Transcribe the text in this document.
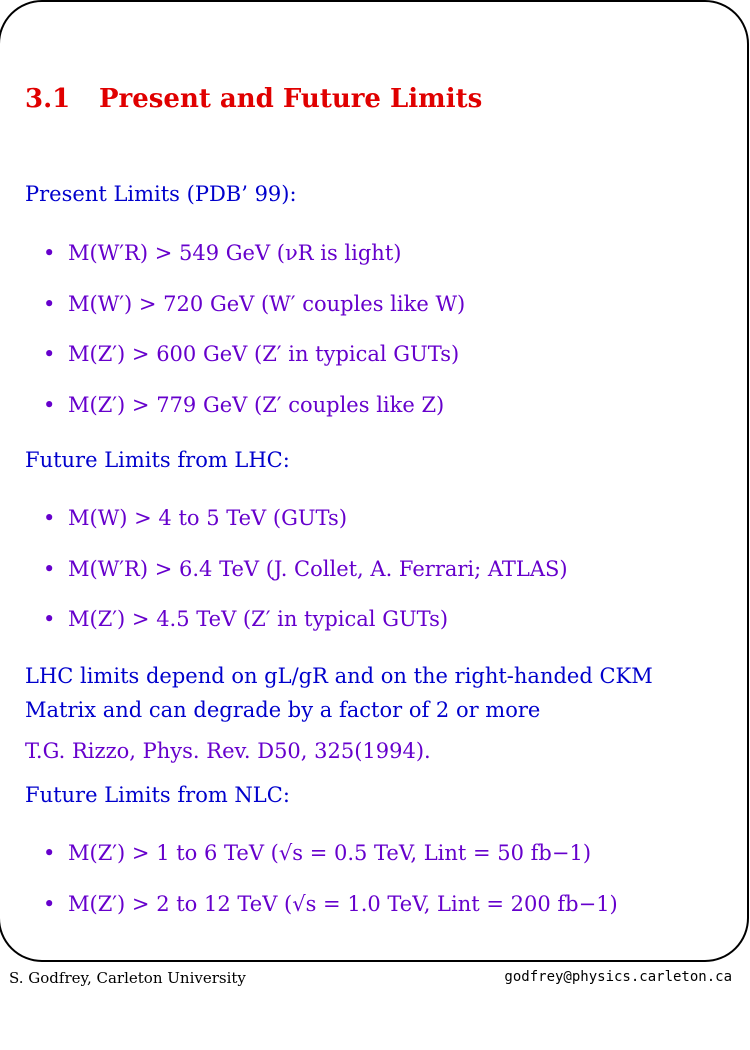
3.1 Present and Future Limits

Present Limits (PDB’ 99):

• M(W′R) > 549 GeV (νR is light)
• M(W′) > 720 GeV (W′ couples like W)
• M(Z′) > 600 GeV (Z′ in typical GUTs)
• M(Z′) > 779 GeV (Z′ couples like Z)

Future Limits from LHC:

• M(W) > 4 to 5 TeV (GUTs)
• M(W′R) > 6.4 TeV (J. Collet, A. Ferrari; ATLAS)
• M(Z′) > 4.5 TeV (Z′ in typical GUTs)

LHC limits depend on gL/gR and on the right-handed CKM Matrix and can degrade by a factor of 2 or more

T.G. Rizzo, Phys. Rev. D50, 325(1994).

Future Limits from NLC:

• M(Z′) > 1 to 6 TeV (√s = 0.5 TeV, Lint = 50 fb−1)
• M(Z′) > 2 to 12 TeV (√s = 1.0 TeV, Lint = 200 fb−1)
S. Godfrey, Carleton University	godfrey@physics.carleton.ca
